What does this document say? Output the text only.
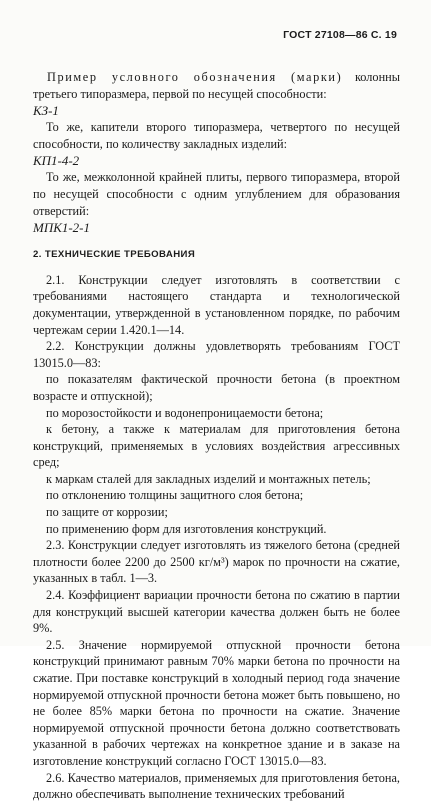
ГОСТ 27108—86 С. 19

Пример условного обозначения (марки) колонны третьего типоразмера, первой по несущей способности:

КЗ-1

То же, капители второго типоразмера, четвертого по несущей способности, по количеству закладных изделий:

КП1-4-2

То же, межколонной крайней плиты, первого типоразмера, второй по несущей способности с одним углублением для образования отверстий:

МПК1-2-1

2. ТЕХНИЧЕСКИЕ ТРЕБОВАНИЯ

2.1. Конструкции следует изготовлять в соответствии с требованиями настоящего стандарта и технологической документации, утвержденной в установленном порядке, по рабочим чертежам серии 1.420.1—14.

2.2. Конструкции должны удовлетворять требованиям ГОСТ 13015.0—83:

по показателям фактической прочности бетона (в проектном возрасте и отпускной);

по морозостойкости и водонепроницаемости бетона;

к бетону, а также к материалам для приготовления бетона конструкций, применяемых в условиях воздействия агрессивных сред;

к маркам сталей для закладных изделий и монтажных петель;

по отклонению толщины защитного слоя бетона;

по защите от коррозии;

по применению форм для изготовления конструкций.

2.3. Конструкции следует изготовлять из тяжелого бетона (средней плотности более 2200 до 2500 кг/м³) марок по прочности на сжатие, указанных в табл. 1—3.

2.4. Коэффициент вариации прочности бетона по сжатию в партии для конструкций высшей категории качества должен быть не более 9%.

2.5. Значение нормируемой отпускной прочности бетона конструкций принимают равным 70% марки бетона по прочности на сжатие. При поставке конструкций в холодный период года значение нормируемой отпускной прочности бетона может быть повышено, но не более 85% марки бетона по прочности на сжатие. Значение нормируемой отпускной прочности бетона должно соответствовать указанной в рабочих чертежах на конкретное здание и в заказе на изготовление конструкций согласно ГОСТ 13015.0—83.

2.6. Качество материалов, применяемых для приготовления бетона, должно обеспечивать выполнение технических требований
